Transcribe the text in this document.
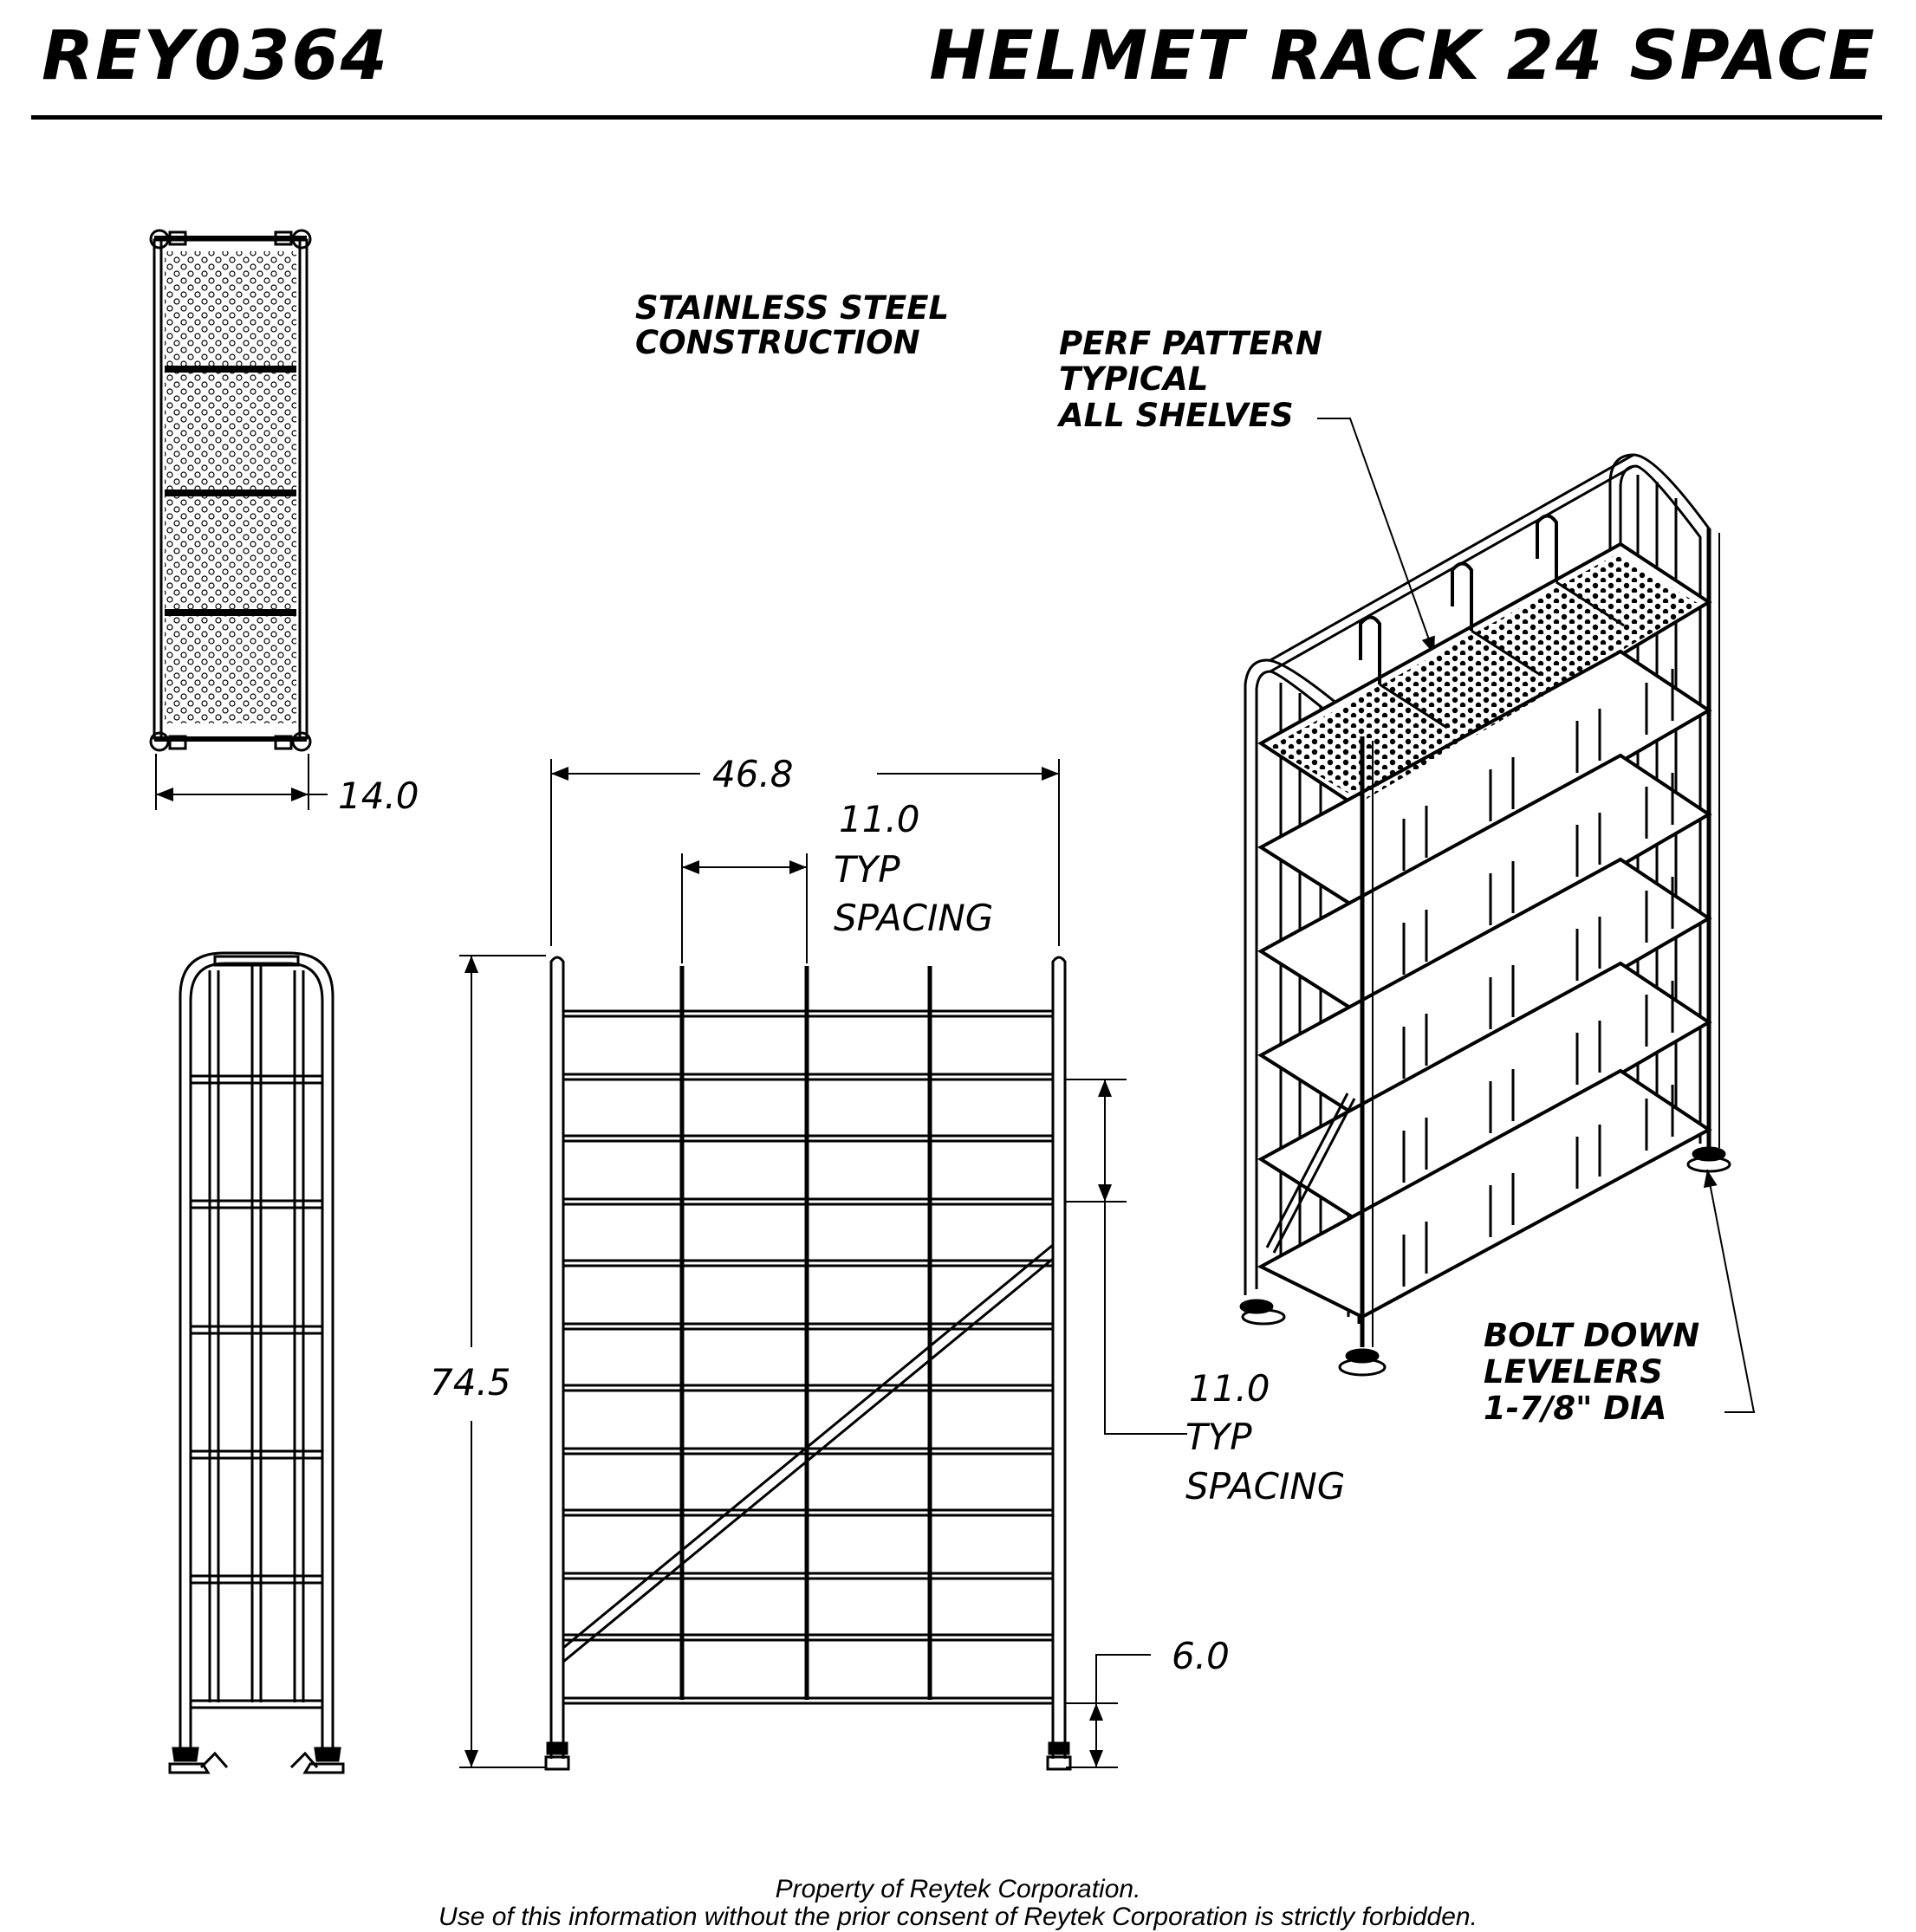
REY0364	HELMET RACK 24 SPACE
14.0
STAINLESS STEEL
CONSTRUCTION	PERF PATTERN
TYPICAL
ALL SHELVES
BOLT DOWN
LEVELERS
1-7/8" DIA
46.8
11.0
TYP
SPACING
74.5	11.0
TYP
SPACING
6.0
Property of Reytek Corporation.
Use of this information without the prior consent of Reytek Corporation is strictly forbidden.
